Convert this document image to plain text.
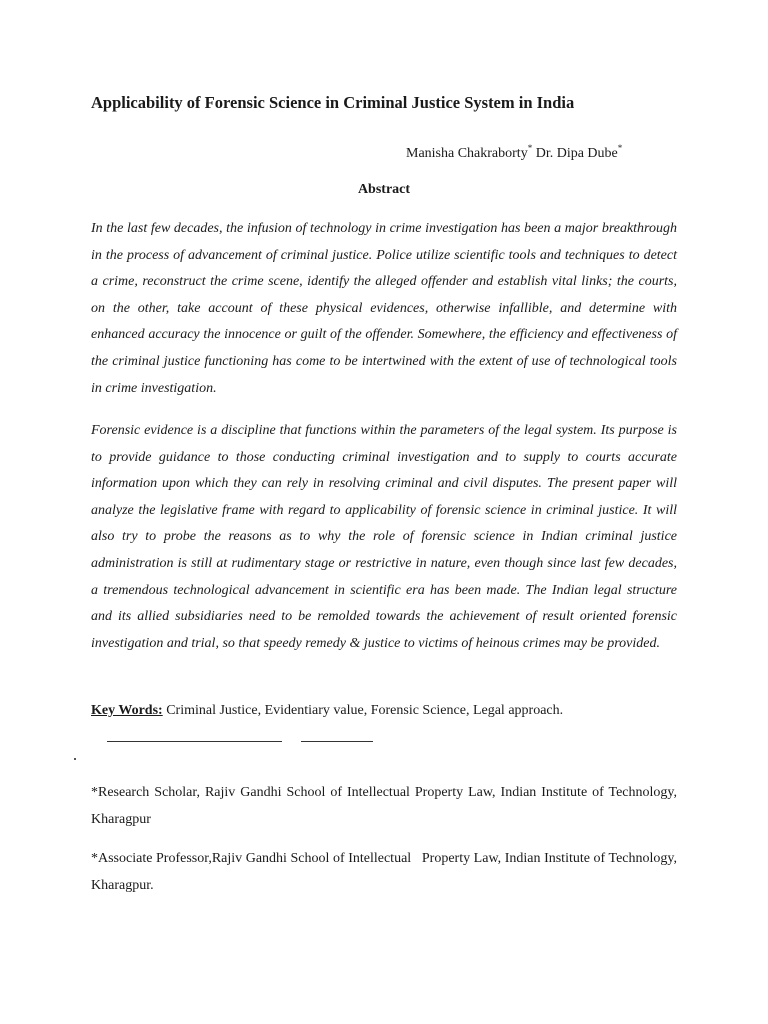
Applicability of Forensic Science in Criminal Justice System in India
Manisha Chakraborty* Dr. Dipa Dube*
Abstract

In the last few decades, the infusion of technology in crime investigation has been a major breakthrough in the process of advancement of criminal justice. Police utilize scientific tools and techniques to detect a crime, reconstruct the crime scene, identify the alleged offender and establish vital links; the courts, on the other, take account of these physical evidences, otherwise infallible, and determine with enhanced accuracy the innocence or guilt of the offender. Somewhere, the efficiency and effectiveness of the criminal justice functioning has come to be intertwined with the extent of use of technological tools in crime investigation.

Forensic evidence is a discipline that functions within the parameters of the legal system. Its purpose is to provide guidance to those conducting criminal investigation and to supply to courts accurate information upon which they can rely in resolving criminal and civil disputes. The present paper will analyze the legislative frame with regard to applicability of forensic science in criminal justice. It will also try to probe the reasons as to why the role of forensic science in Indian criminal justice administration is still at rudimentary stage or restrictive in nature, even though since last few decades, a tremendous technological advancement in scientific era has been made. The Indian legal structure and its allied subsidiaries need to be remolded towards the achievement of result oriented forensic investigation and trial, so that speedy remedy & justice to victims of heinous crimes may be provided.

Key Words: Criminal Justice, Evidentiary value, Forensic Science, Legal approach.

*Research Scholar, Rajiv Gandhi School of Intellectual Property Law, Indian Institute of Technology, Kharagpur

*Associate Professor,Rajiv Gandhi School of Intellectual   Property Law, Indian Institute of Technology, Kharagpur.
